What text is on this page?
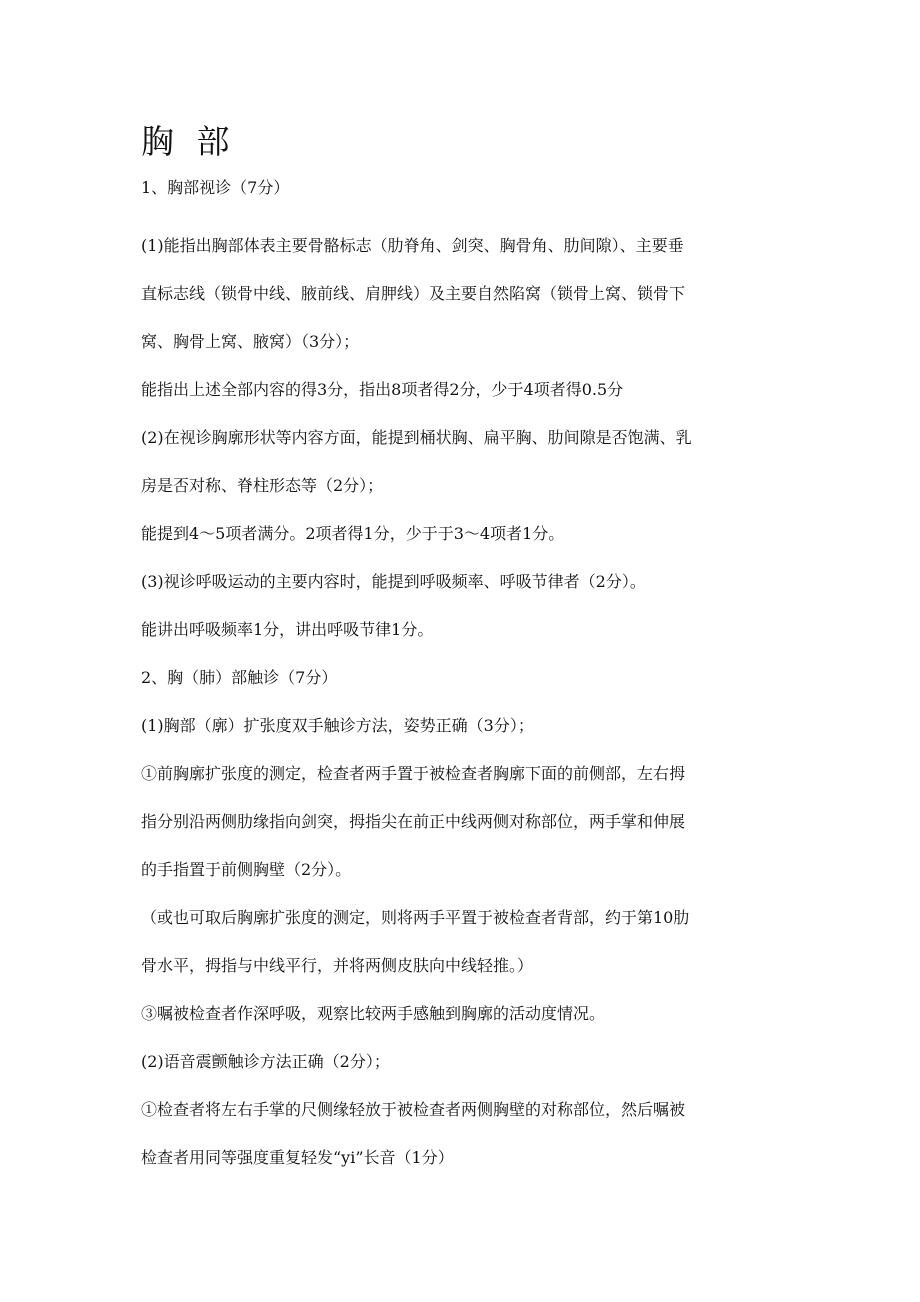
胸 部

1、胸部视诊（7分）

(1)能指出胸部体表主要骨骼标志（肋脊角、剑突、胸骨角、肋间隙）、主要垂

直标志线（锁骨中线、腋前线、肩胛线）及主要自然陷窝（锁骨上窝、锁骨下

窝、胸骨上窝、腋窝）（3分）；

能指出上述全部内容的得3分，指出8项者得2分，少于4项者得0.5分

(2)在视诊胸廓形状等内容方面，能提到桶状胸、扁平胸、肋间隙是否饱满、乳

房是否对称、脊柱形态等（2分）；

能提到4～5项者满分。2项者得1分，少于于3～4项者1分。

(3)视诊呼吸运动的主要内容时，能提到呼吸频率、呼吸节律者（2分）。

能讲出呼吸频率1分，讲出呼吸节律1分。

2、胸（肺）部触诊（7分）

(1)胸部（廓）扩张度双手触诊方法，姿势正确（3分）；

①前胸廓扩张度的测定，检查者两手置于被检查者胸廓下面的前侧部，左右拇

指分别沿两侧肋缘指向剑突，拇指尖在前正中线两侧对称部位，两手掌和伸展

的手指置于前侧胸壁（2分）。

（或也可取后胸廓扩张度的测定，则将两手平置于被检查者背部，约于第10肋

骨水平，拇指与中线平行，并将两侧皮肤向中线轻推。）

③嘱被检查者作深呼吸，观察比较两手感触到胸廓的活动度情况。

(2)语音震颤触诊方法正确（2分）；

①检查者将左右手掌的尺侧缘轻放于被检查者两侧胸壁的对称部位，然后嘱被

检查者用同等强度重复轻发“yi”长音（1分）
